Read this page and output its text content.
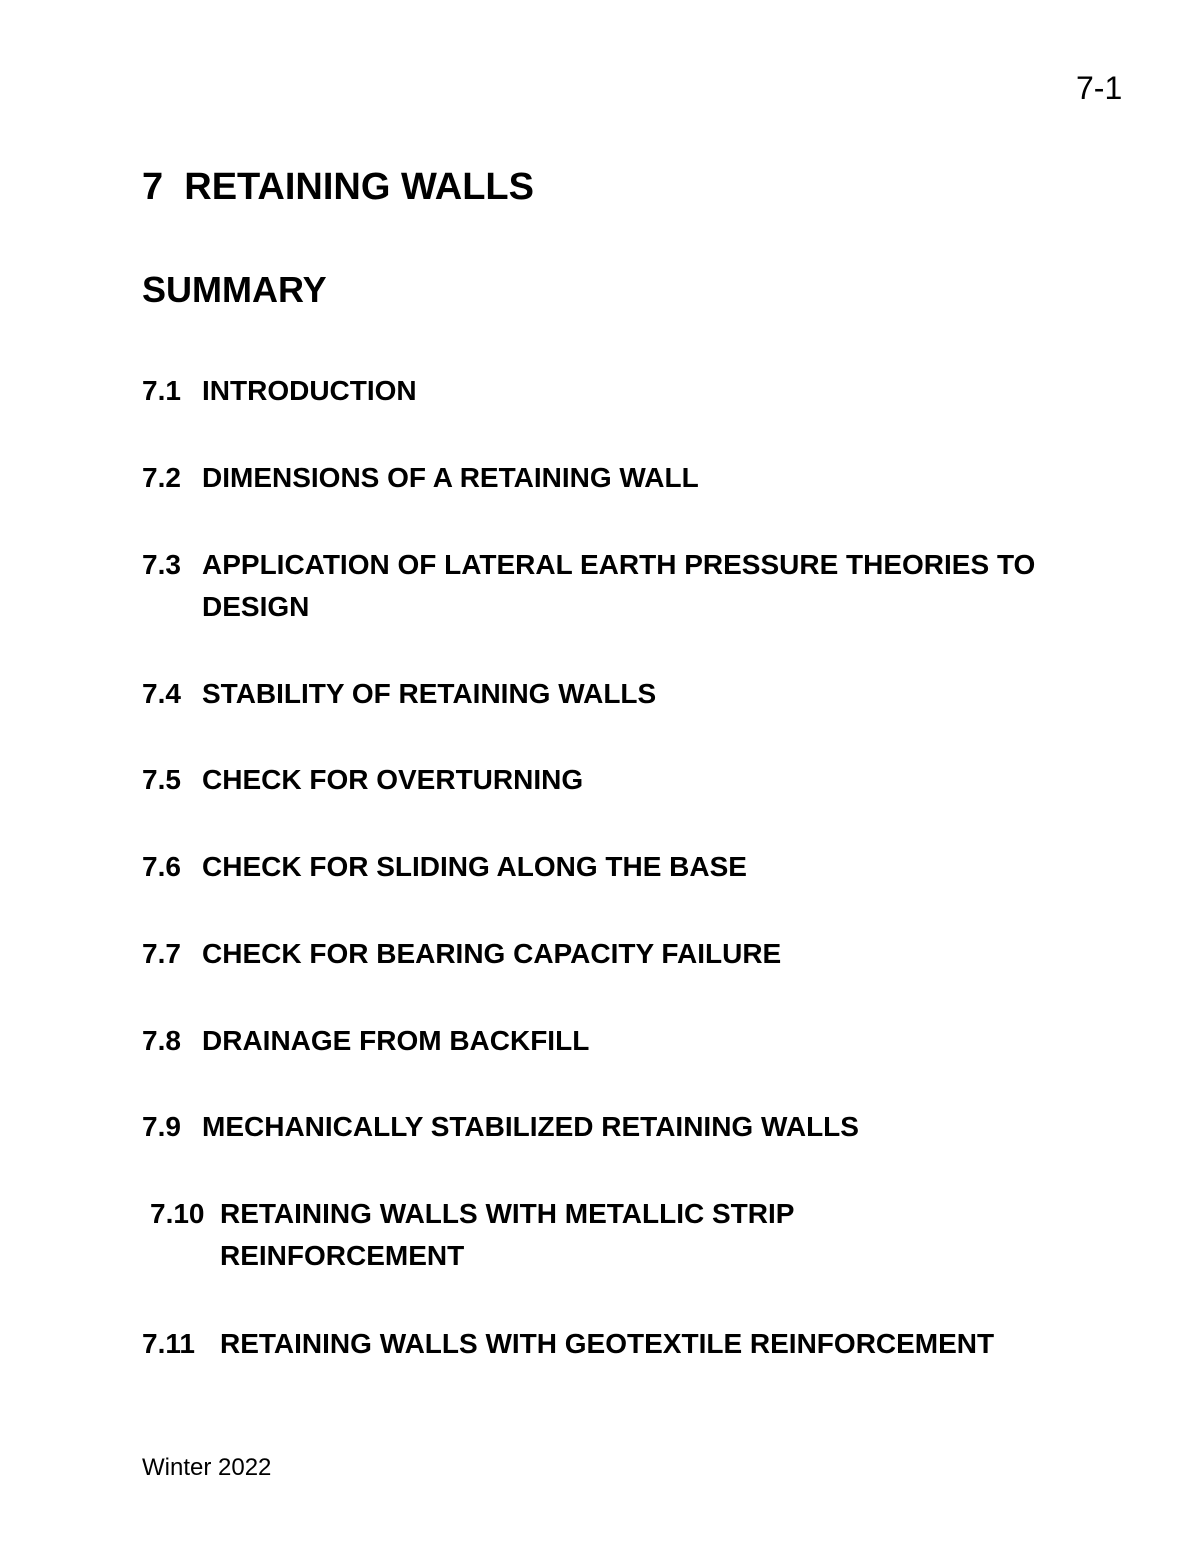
7-1
7  RETAINING WALLS
SUMMARY
7.1 INTRODUCTION
7.2 DIMENSIONS OF A RETAINING WALL
7.3 APPLICATION OF LATERAL EARTH PRESSURE THEORIES TO DESIGN
7.4 STABILITY OF RETAINING WALLS
7.5 CHECK FOR OVERTURNING
7.6 CHECK FOR SLIDING ALONG THE BASE
7.7 CHECK FOR BEARING CAPACITY FAILURE
7.8 DRAINAGE FROM BACKFILL
7.9 MECHANICALLY STABILIZED RETAINING WALLS
7.10 RETAINING WALLS WITH METALLIC STRIP REINFORCEMENT
7.11 RETAINING WALLS WITH GEOTEXTILE REINFORCEMENT
Winter 2022
